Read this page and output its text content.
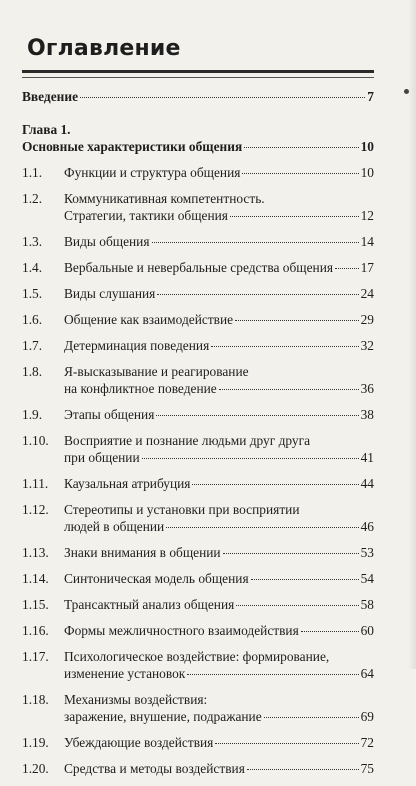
Оглавление
Введение	7
Глава 1.
Основные характеристики общения	10
1.1.	Функции и структура общения	10
1.2.	Коммуникативная компетентность.
Стратегии, тактики общения	12
1.3.	Виды общения	14
1.4.	Вербальные и невербальные средства общения 17
1.5.	Виды слушания	24
1.6.	Общение как взаимодействие	29
1.7.	Детерминация поведения	32
1.8.	Я-высказывание и реагирование
на конфликтное поведение	36
1.9.	Этапы общения	38
1.10.	Восприятие и познание людьми друг друга
при общении	41
1.11.	Каузальная атрибуция	44
1.12.	Стереотипы и установки при восприятии
людей в общении	46
1.13.	Знаки внимания в общении	53
1.14.	Синтоническая модель общения	54
1.15.	Трансактный анализ общения	58
1.16.	Формы межличностного взаимодействия	60
1.17.	Психологическое воздействие: формирование,
изменение установок	64
1.18.	Механизмы воздействия:
заражение, внушение, подражание	69
1.19.	Убеждающие воздействия	72
1.20.	Средства и методы воздействия	75
